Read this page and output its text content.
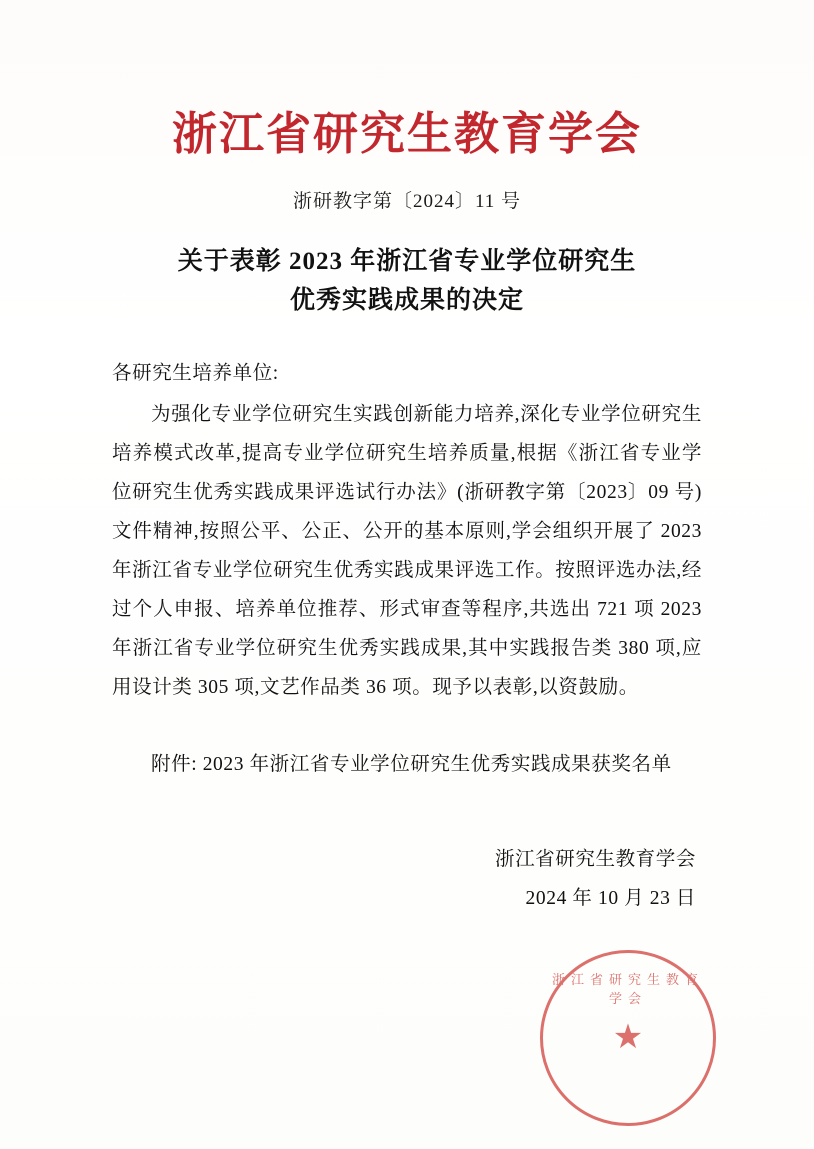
浙江省研究生教育学会
浙研教字第〔2024〕11 号
关于表彰 2023 年浙江省专业学位研究生
优秀实践成果的决定
各研究生培养单位:

为强化专业学位研究生实践创新能力培养,深化专业学位研究生培养模式改革,提高专业学位研究生培养质量,根据《浙江省专业学位研究生优秀实践成果评选试行办法》(浙研教字第〔2023〕09 号)文件精神,按照公平、公正、公开的基本原则,学会组织开展了 2023 年浙江省专业学位研究生优秀实践成果评选工作。按照评选办法,经过个人申报、培养单位推荐、形式审查等程序,共选出 721 项 2023 年浙江省专业学位研究生优秀实践成果,其中实践报告类 380 项,应用设计类 305 项,文艺作品类 36 项。现予以表彰,以资鼓励。

附件: 2023 年浙江省专业学位研究生优秀实践成果获奖名单
浙江省研究生教育学会
2024 年 10 月 23 日
浙江省研究生教育学会
★
